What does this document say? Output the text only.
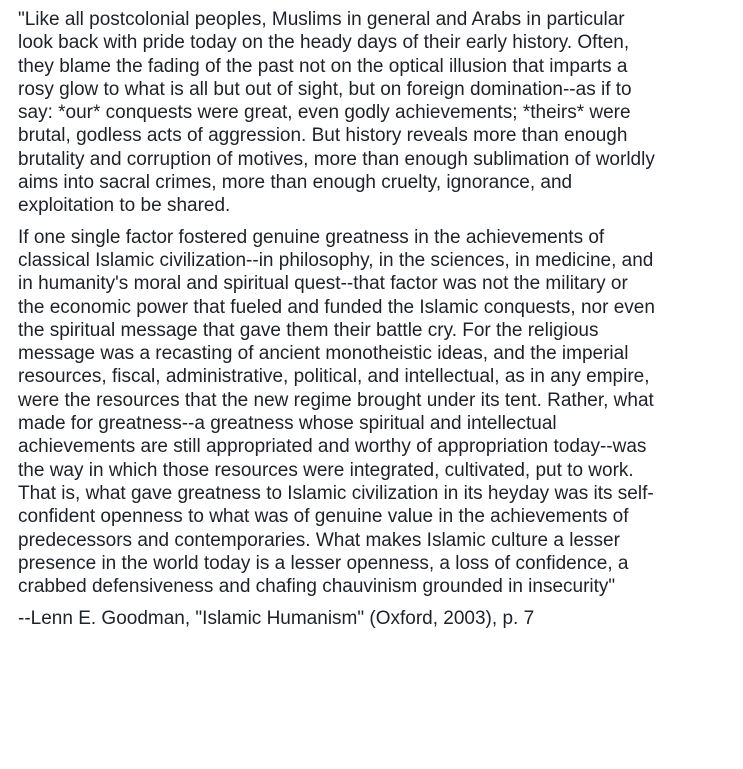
"Like all postcolonial peoples, Muslims in general and Arabs in particular
look back with pride today on the heady days of their early history. Often,
they blame the fading of the past not on the optical illusion that imparts a
rosy glow to what is all but out of sight, but on foreign domination--as if to
say: *our* conquests were great, even godly achievements; *theirs* were
brutal, godless acts of aggression. But history reveals more than enough
brutality and corruption of motives, more than enough sublimation of worldly
aims into sacral crimes, more than enough cruelty, ignorance, and
exploitation to be shared.
If one single factor fostered genuine greatness in the achievements of
classical Islamic civilization--in philosophy, in the sciences, in medicine, and
in humanity's moral and spiritual quest--that factor was not the military or
the economic power that fueled and funded the Islamic conquests, nor even
the spiritual message that gave them their battle cry. For the religious
message was a recasting of ancient monotheistic ideas, and the imperial
resources, fiscal, administrative, political, and intellectual, as in any empire,
were the resources that the new regime brought under its tent. Rather, what
made for greatness--a greatness whose spiritual and intellectual
achievements are still appropriated and worthy of appropriation today--was
the way in which those resources were integrated, cultivated, put to work.
That is, what gave greatness to Islamic civilization in its heyday was its self-
confident openness to what was of genuine value in the achievements of
predecessors and contemporaries. What makes Islamic culture a lesser
presence in the world today is a lesser openness, a loss of confidence, a
crabbed defensiveness and chafing chauvinism grounded in insecurity"
--Lenn E. Goodman, "Islamic Humanism" (Oxford, 2003), p. 7
